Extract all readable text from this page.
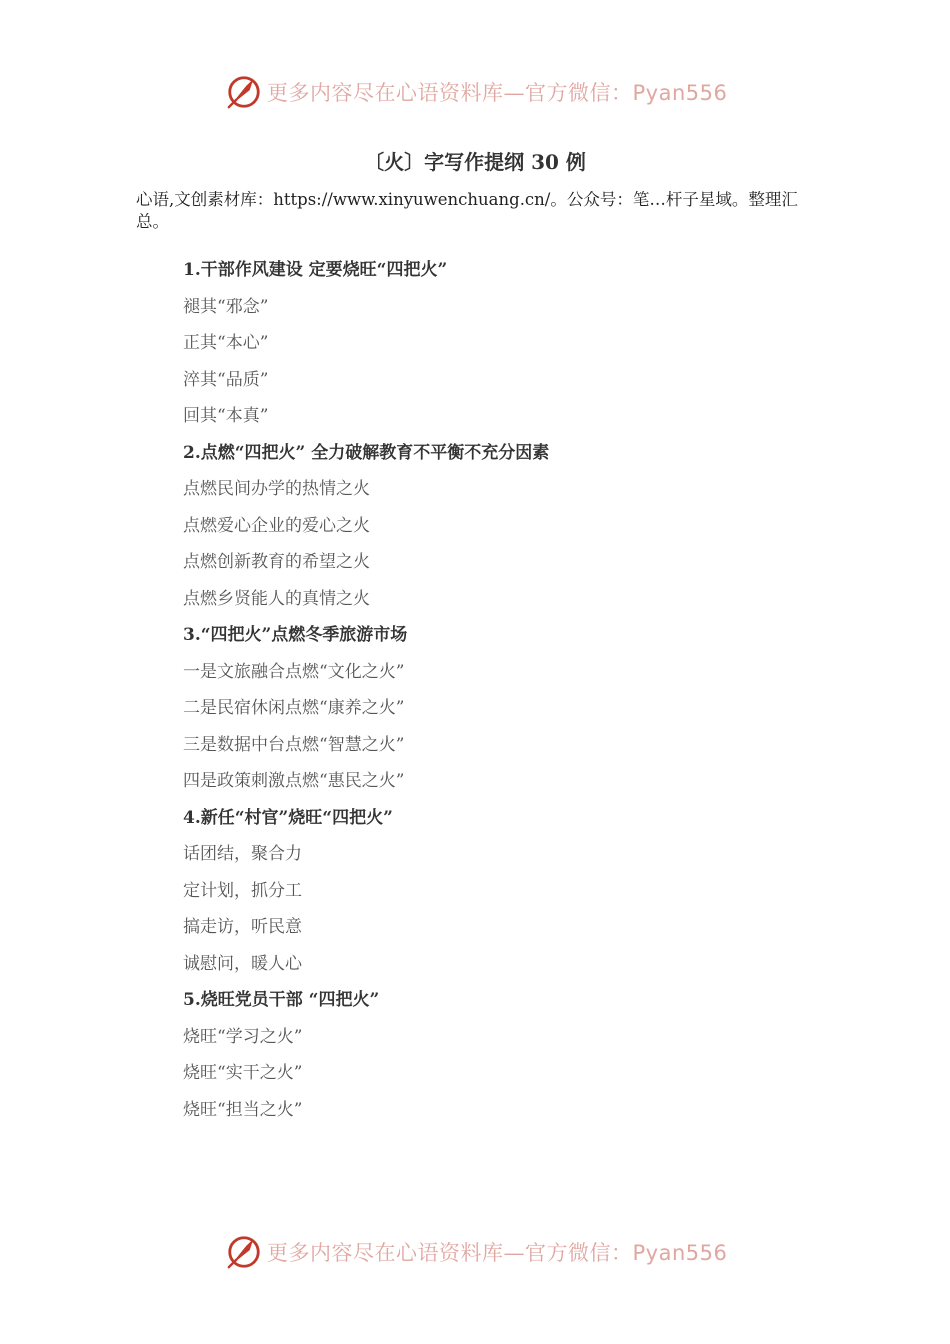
更多内容尽在心语资料库—官方微信：Pyan556
〔火〕字写作提纲 30 例
心语,文创素材库：https://www.xinyuwenchuang.cn/。公众号：笔…杆子星域。整理汇总。
1.干部作风建设 定要烧旺“四把火”
褪其“邪念”
正其“本心”
淬其“品质”
回其“本真”
2.点燃“四把火” 全力破解教育不平衡不充分因素
点燃民间办学的热情之火
点燃爱心企业的爱心之火
点燃创新教育的希望之火
点燃乡贤能人的真情之火
3.“四把火”点燃冬季旅游市场
一是文旅融合点燃“文化之火”
二是民宿休闲点燃“康养之火”
三是数据中台点燃“智慧之火”
四是政策刺激点燃“惠民之火”
4.新任“村官”烧旺“四把火”
话团结，聚合力
定计划，抓分工
搞走访，听民意
诚慰问，暖人心
5.烧旺党员干部 “四把火”
烧旺“学习之火”
烧旺“实干之火”
烧旺“担当之火”
更多内容尽在心语资料库—官方微信：Pyan556
